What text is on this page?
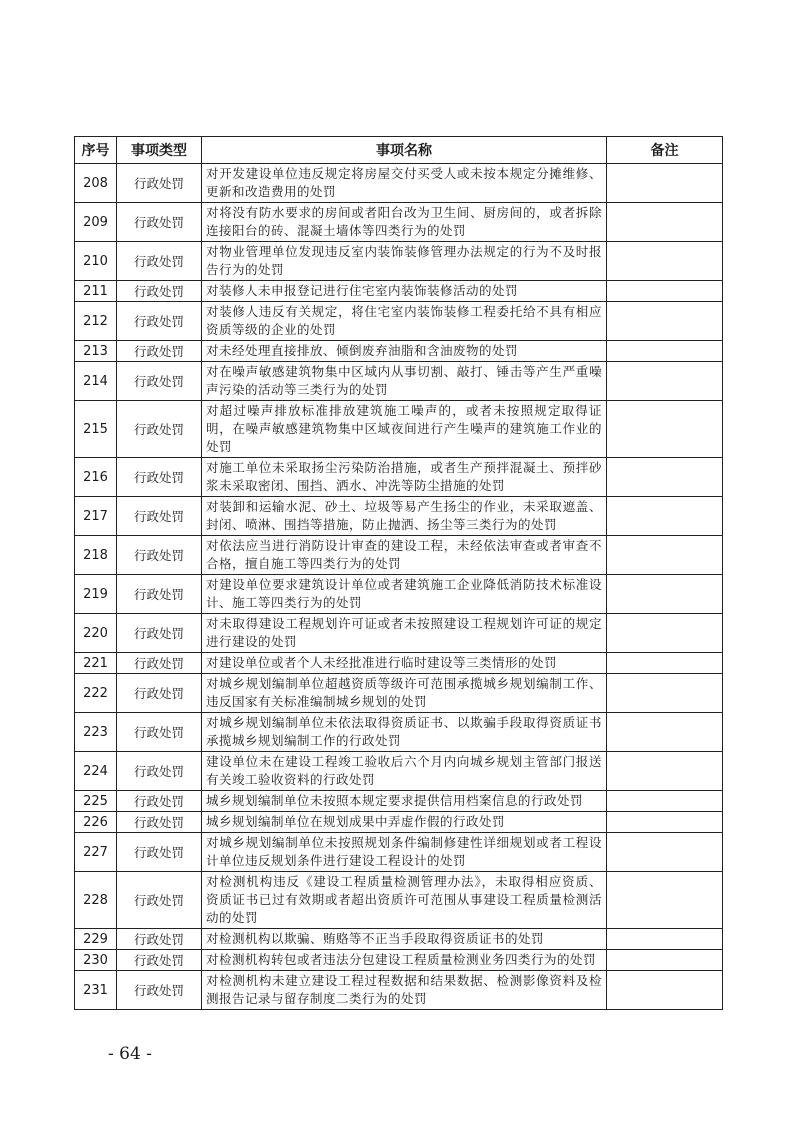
序号	事项类型	事项名称	备注
208	行政处罚	对开发建设单位违反规定将房屋交付买受人或未按本规定分摊维修、更新和改造费用的处罚	
209	行政处罚	对将没有防水要求的房间或者阳台改为卫生间、厨房间的，或者拆除连接阳台的砖、混凝土墙体等四类行为的处罚	
210	行政处罚	对物业管理单位发现违反室内装饰装修管理办法规定的行为不及时报告行为的处罚	
211	行政处罚	对装修人未申报登记进行住宅室内装饰装修活动的处罚	
212	行政处罚	对装修人违反有关规定，将住宅室内装饰装修工程委托给不具有相应资质等级的企业的处罚	
213	行政处罚	对未经处理直接排放、倾倒废弃油脂和含油废物的处罚	
214	行政处罚	对在噪声敏感建筑物集中区域内从事切割、敲打、锤击等产生严重噪声污染的活动等三类行为的处罚	
215	行政处罚	对超过噪声排放标准排放建筑施工噪声的，或者未按照规定取得证明，在噪声敏感建筑物集中区域夜间进行产生噪声的建筑施工作业的处罚	
216	行政处罚	对施工单位未采取扬尘污染防治措施，或者生产预拌混凝土、预拌砂浆未采取密闭、围挡、洒水、冲洗等防尘措施的处罚	
217	行政处罚	对装卸和运输水泥、砂土、垃圾等易产生扬尘的作业，未采取遮盖、封闭、喷淋、围挡等措施，防止抛洒、扬尘等三类行为的处罚	
218	行政处罚	对依法应当进行消防设计审查的建设工程，未经依法审查或者审查不合格，擅自施工等四类行为的处罚	
219	行政处罚	对建设单位要求建筑设计单位或者建筑施工企业降低消防技术标准设计、施工等四类行为的处罚	
220	行政处罚	对未取得建设工程规划许可证或者未按照建设工程规划许可证的规定进行建设的处罚	
221	行政处罚	对建设单位或者个人未经批准进行临时建设等三类情形的处罚	
222	行政处罚	对城乡规划编制单位超越资质等级许可范围承揽城乡规划编制工作、违反国家有关标准编制城乡规划的处罚	
223	行政处罚	对城乡规划编制单位未依法取得资质证书、以欺骗手段取得资质证书承揽城乡规划编制工作的行政处罚	
224	行政处罚	建设单位未在建设工程竣工验收后六个月内向城乡规划主管部门报送有关竣工验收资料的行政处罚	
225	行政处罚	城乡规划编制单位未按照本规定要求提供信用档案信息的行政处罚	
226	行政处罚	城乡规划编制单位在规划成果中弄虚作假的行政处罚	
227	行政处罚	对城乡规划编制单位未按照规划条件编制修建性详细规划或者工程设计单位违反规划条件进行建设工程设计的处罚	
228	行政处罚	对检测机构违反《建设工程质量检测管理办法》，未取得相应资质、资质证书已过有效期或者超出资质许可范围从事建设工程质量检测活动的处罚	
229	行政处罚	对检测机构以欺骗、贿赂等不正当手段取得资质证书的处罚	
230	行政处罚	对检测机构转包或者违法分包建设工程质量检测业务四类行为的处罚	
231	行政处罚	对检测机构未建立建设工程过程数据和结果数据、检测影像资料及检测报告记录与留存制度二类行为的处罚	
- 64 -
